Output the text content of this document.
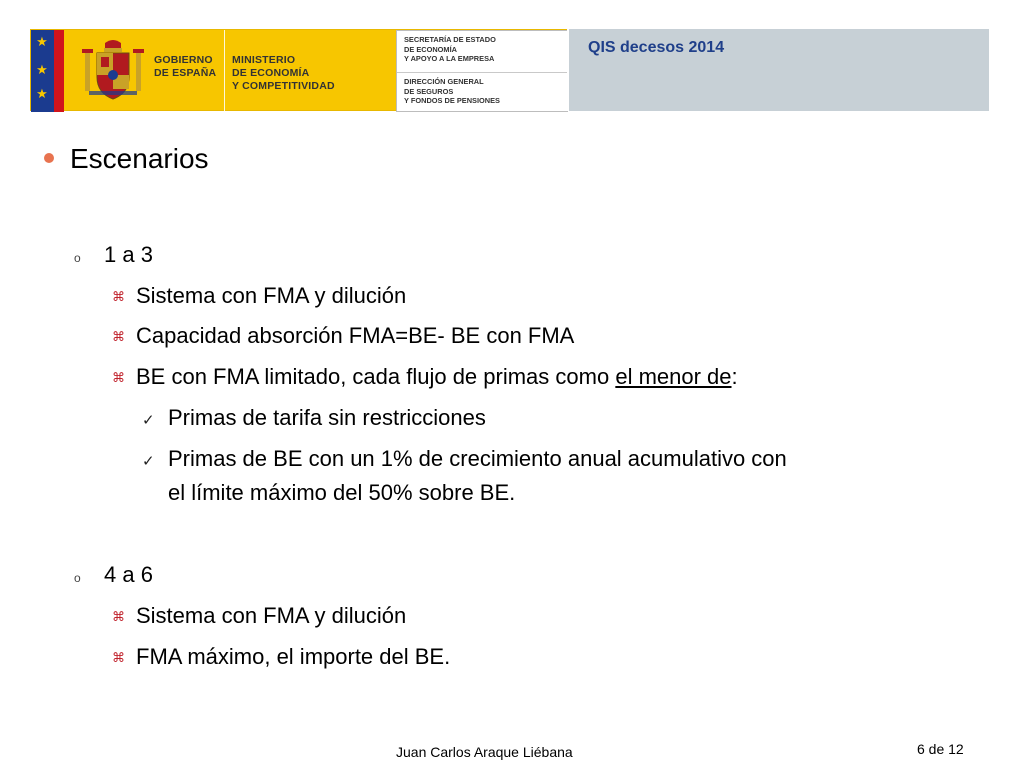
★
★
★
GOBIERNO
DE ESPAÑA
MINISTERIO
DE ECONOMÍA
Y COMPETITIVIDAD
SECRETARÍA DE ESTADO
DE ECONOMÍA
Y APOYO A LA EMPRESA
DIRECCIÓN GENERAL
DE SEGUROS
Y FONDOS DE PENSIONES
QIS decesos 2014
Escenarios
o 1 a 3
⌘ Sistema con FMA y dilución
⌘ Capacidad absorción FMA=BE- BE con FMA
⌘ BE con FMA limitado, cada flujo de primas como el menor de:
✓ Primas de tarifa sin restricciones
✓ Primas de BE con un 1% de crecimiento anual acumulativo con
el límite máximo del 50% sobre BE.
o 4 a 6
⌘ Sistema con FMA y dilución
⌘ FMA máximo, el importe del BE.
Juan Carlos Araque Liébana	6 de 12
